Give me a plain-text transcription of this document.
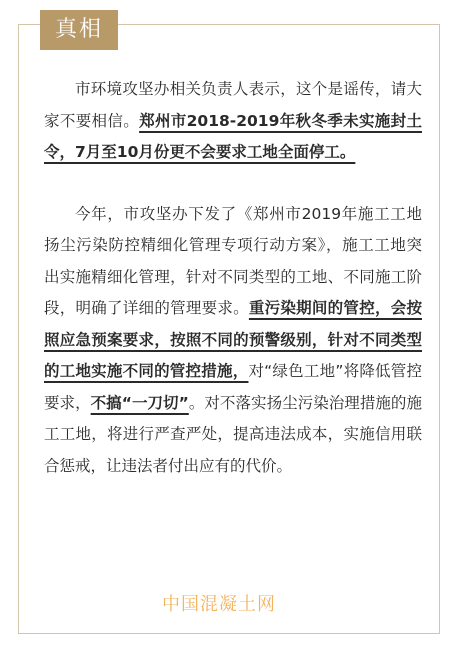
真相

市环境攻坚办相关负责人表示，这个是谣传，请大家不要相信。郑州市2018-2019年秋冬季未实施封土令，7月至10月份更不会要求工地全面停工。

今年，市攻坚办下发了《郑州市2019年施工工地扬尘污染防控精细化管理专项行动方案》，施工工地突出实施精细化管理，针对不同类型的工地、不同施工阶段，明确了详细的管理要求。重污染期间的管控，会按照应急预案要求，按照不同的预警级别，针对不同类型的工地实施不同的管控措施，对“绿色工地”将降低管控要求，不搞“一刀切”。对不落实扬尘污染治理措施的施工工地，将进行严查严处，提高违法成本，实施信用联合惩戒，让违法者付出应有的代价。

中国混凝土网
